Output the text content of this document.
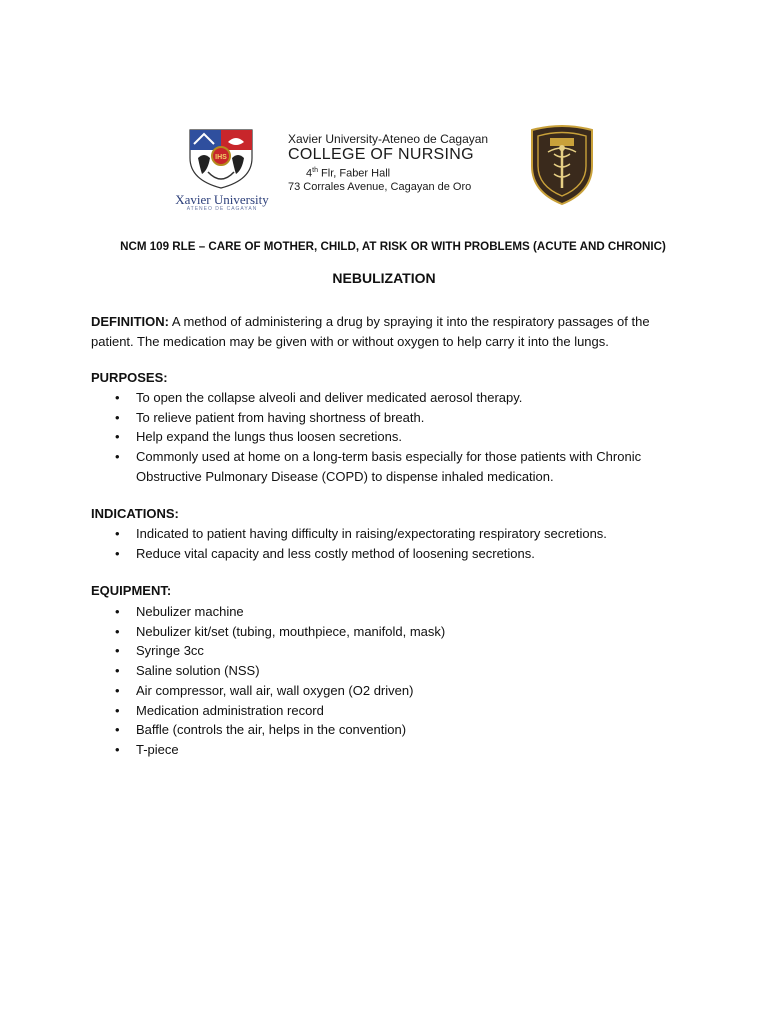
IHS
Xavier University
ATENEO DE CAGAYAN
Xavier University-Ateneo de Cagayan
COLLEGE OF NURSING
4th Flr, Faber Hall
73 Corrales Avenue, Cagayan de Oro
NCM 109 RLE – CARE OF MOTHER, CHILD, AT RISK OR WITH PROBLEMS (ACUTE AND CHRONIC)
NEBULIZATION
DEFINITION: A method of administering a drug by spraying it into the respiratory passages of the patient. The medication may be given with or without oxygen to help carry it into the lungs.
PURPOSES:
• To open the collapse alveoli and deliver medicated aerosol therapy.
• To relieve patient from having shortness of breath.
• Help expand the lungs thus loosen secretions.
• Commonly used at home on a long-term basis especially for those patients with Chronic Obstructive Pulmonary Disease (COPD) to dispense inhaled medication.
INDICATIONS:
• Indicated to patient having difficulty in raising/expectorating respiratory secretions.
• Reduce vital capacity and less costly method of loosening secretions.
EQUIPMENT:
• Nebulizer machine
• Nebulizer kit/set (tubing, mouthpiece, manifold, mask)
• Syringe 3cc
• Saline solution (NSS)
• Air compressor, wall air, wall oxygen (O2 driven)
• Medication administration record
• Baffle (controls the air, helps in the convention)
• T-piece
